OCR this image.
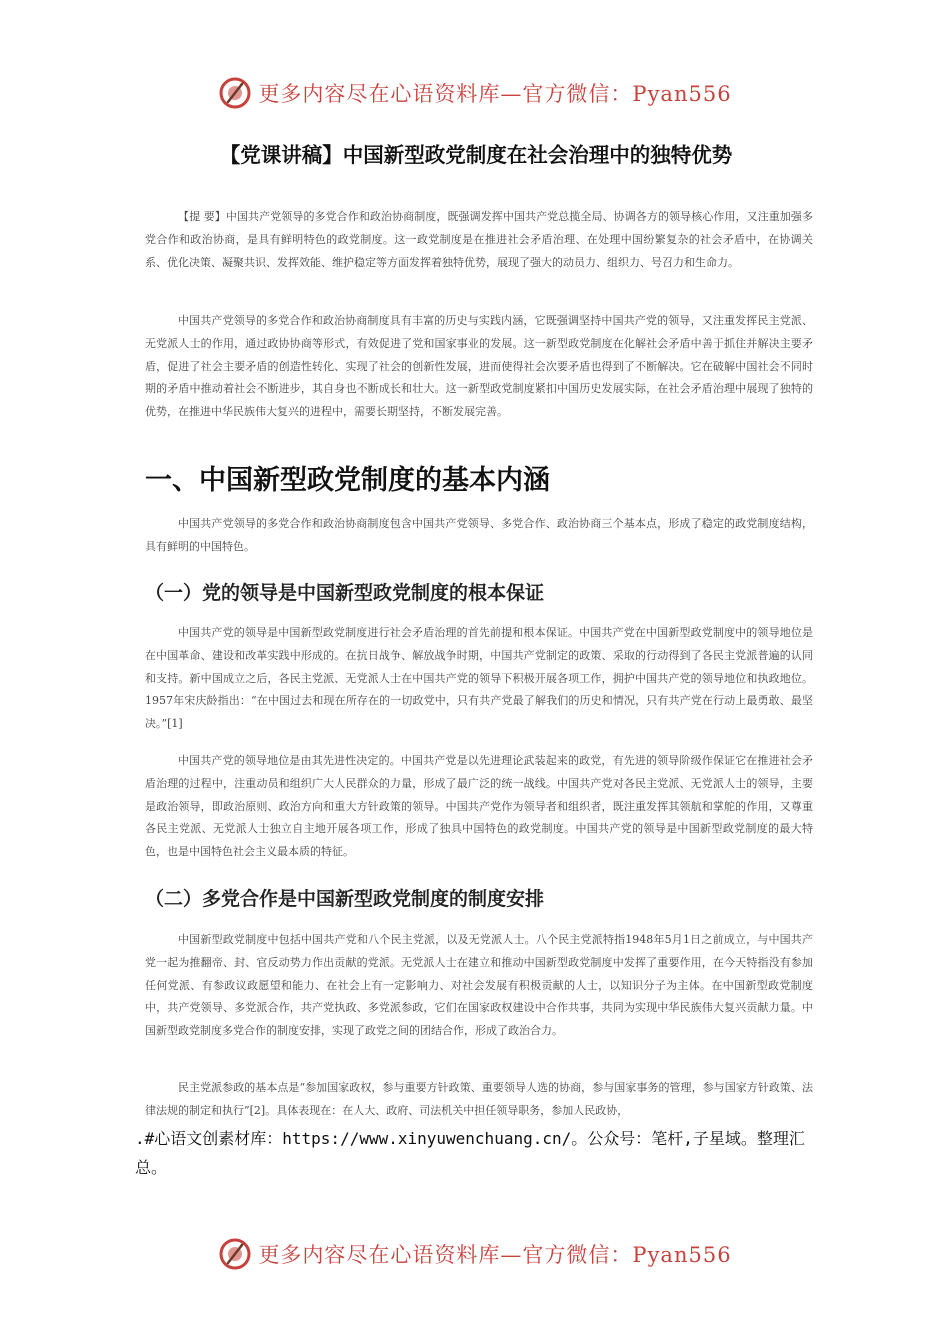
更多内容尽在心语资料库—官方微信：Pyan556
【党课讲稿】中国新型政党制度在社会治理中的独特优势

【提 要】中国共产党领导的多党合作和政治协商制度，既强调发挥中国共产党总揽全局、协调各方的领导核心作用，又注重加强多党合作和政治协商，是具有鲜明特色的政党制度。这一政党制度是在推进社会矛盾治理、在处理中国纷繁复杂的社会矛盾中，在协调关系、优化决策、凝聚共识、发挥效能、维护稳定等方面发挥着独特优势，展现了强大的动员力、组织力、号召力和生命力。

中国共产党领导的多党合作和政治协商制度具有丰富的历史与实践内涵，它既强调坚持中国共产党的领导，又注重发挥民主党派、无党派人士的作用，通过政协协商等形式，有效促进了党和国家事业的发展。这一新型政党制度在化解社会矛盾中善于抓住并解决主要矛盾，促进了社会主要矛盾的创造性转化、实现了社会的创新性发展，进而使得社会次要矛盾也得到了不断解决。它在破解中国社会不同时期的矛盾中推动着社会不断进步，其自身也不断成长和壮大。这一新型政党制度紧扣中国历史发展实际，在社会矛盾治理中展现了独特的优势，在推进中华民族伟大复兴的进程中，需要长期坚持，不断发展完善。

一、中国新型政党制度的基本内涵

中国共产党领导的多党合作和政治协商制度包含中国共产党领导、多党合作、政治协商三个基本点，形成了稳定的政党制度结构，具有鲜明的中国特色。

（一）党的领导是中国新型政党制度的根本保证

中国共产党的领导是中国新型政党制度进行社会矛盾治理的首先前提和根本保证。中国共产党在中国新型政党制度中的领导地位是在中国革命、建设和改革实践中形成的。在抗日战争、解放战争时期，中国共产党制定的政策、采取的行动得到了各民主党派普遍的认同和支持。新中国成立之后，各民主党派、无党派人士在中国共产党的领导下积极开展各项工作，拥护中国共产党的领导地位和执政地位。1957年宋庆龄指出：“在中国过去和现在所存在的一切政党中，只有共产党最了解我们的历史和情况，只有共产党在行动上最勇敢、最坚决。”[1]

中国共产党的领导地位是由其先进性决定的。中国共产党是以先进理论武装起来的政党，有先进的领导阶级作保证它在推进社会矛盾治理的过程中，注重动员和组织广大人民群众的力量，形成了最广泛的统一战线。中国共产党对各民主党派、无党派人士的领导，主要是政治领导，即政治原则、政治方向和重大方针政策的领导。中国共产党作为领导者和组织者，既注重发挥其领航和掌舵的作用，又尊重各民主党派、无党派人士独立自主地开展各项工作，形成了独具中国特色的政党制度。中国共产党的领导是中国新型政党制度的最大特色，也是中国特色社会主义最本质的特征。

（二）多党合作是中国新型政党制度的制度安排

中国新型政党制度中包括中国共产党和八个民主党派，以及无党派人士。八个民主党派特指1948年5月1日之前成立，与中国共产党一起为推翻帝、封、官反动势力作出贡献的党派。无党派人士在建立和推动中国新型政党制度中发挥了重要作用，在今天特指没有参加任何党派、有参政议政愿望和能力、在社会上有一定影响力、对社会发展有积极贡献的人士，以知识分子为主体。在中国新型政党制度中，共产党领导、多党派合作，共产党执政、多党派参政，它们在国家政权建设中合作共事，共同为实现中华民族伟大复兴贡献力量。中国新型政党制度多党合作的制度安排，实现了政党之间的团结合作，形成了政治合力。

民主党派参政的基本点是“参加国家政权，参与重要方针政策、重要领导人选的协商，参与国家事务的管理，参与国家方针政策、法律法规的制定和执行”[2]。具体表现在：在人大、政府、司法机关中担任领导职务，参加人民政协，

.#心语文创素材库：https://www.xinyuwenchuang.cn/。公众号：笔杆,子星域。整理汇总。

更多内容尽在心语资料库—官方微信：Pyan556
